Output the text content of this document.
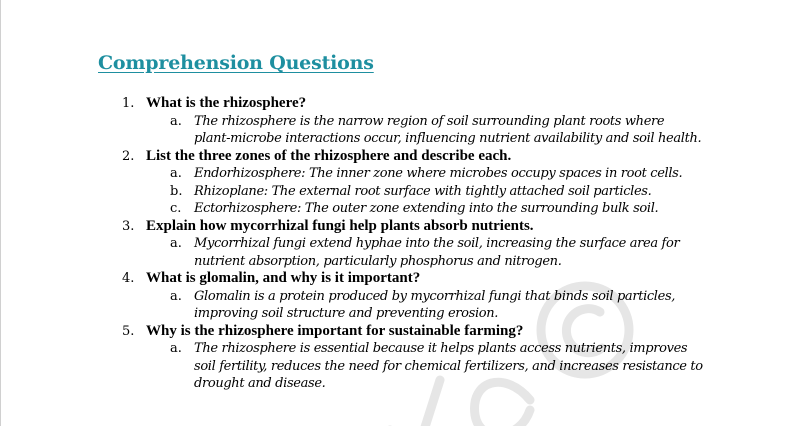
Comprehension Questions
1. What is the rhizosphere?
a. The rhizosphere is the narrow region of soil surrounding plant roots where plant-microbe interactions occur, influencing nutrient availability and soil health.
2. List the three zones of the rhizosphere and describe each.
a. Endorhizosphere: The inner zone where microbes occupy spaces in root cells.
b. Rhizoplane: The external root surface with tightly attached soil particles.
c. Ectorhizosphere: The outer zone extending into the surrounding bulk soil.
3. Explain how mycorrhizal fungi help plants absorb nutrients.
a. Mycorrhizal fungi extend hyphae into the soil, increasing the surface area for nutrient absorption, particularly phosphorus and nitrogen.
4. What is glomalin, and why is it important?
a. Glomalin is a protein produced by mycorrhizal fungi that binds soil particles, improving soil structure and preventing erosion.
5. Why is the rhizosphere important for sustainable farming?
a. The rhizosphere is essential because it helps plants access nutrients, improves soil fertility, reduces the need for chemical fertilizers, and increases resistance to drought and disease.
